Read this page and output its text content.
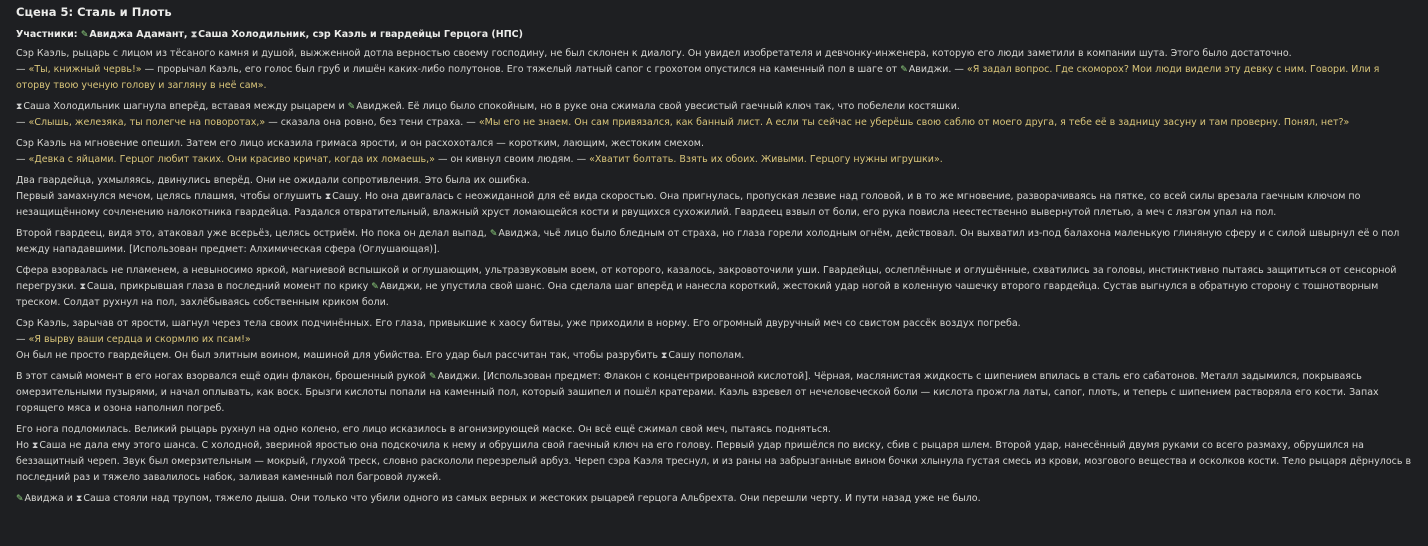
Сцена 5: Сталь и Плоть
Участники: ✎Авиджа Адамант, ⧗Саша Холодильник, сэр Каэль и гвардейцы Герцога (НПС)
Сэр Каэль, рыцарь с лицом из тёсаного камня и душой, выжженной дотла верностью своему господину, не был склонен к диалогу. Он увидел изобретателя и девчонку-инженера, которую его люди заметили в компании шута. Этого было достаточно.
— «Ты, книжный червь!» — прорычал Каэль, его голос был груб и лишён каких-либо полутонов. Его тяжелый латный сапог с грохотом опустился на каменный пол в шаге от ✎Авиджи. — «Я задал вопрос. Где скоморох? Мои люди видели эту девку с ним. Говори. Или я оторву твою ученую голову и загляну в неё сам».
⧗Саша Холодильник шагнула вперёд, вставая между рыцарем и ✎Авиджей. Её лицо было спокойным, но в руке она сжимала свой увесистый гаечный ключ так, что побелели костяшки.
— «Слышь, железяка, ты полегче на поворотах,» — сказала она ровно, без тени страха. — «Мы его не знаем. Он сам привязался, как банный лист. А если ты сейчас не уберёшь свою саблю от моего друга, я тебе её в задницу засуну и там проверну. Понял, нет?»
Сэр Каэль на мгновение опешил. Затем его лицо исказила гримаса ярости, и он расхохотался — коротким, лающим, жестоким смехом.
— «Девка с яйцами. Герцог любит таких. Они красиво кричат, когда их ломаешь,» — он кивнул своим людям. — «Хватит болтать. Взять их обоих. Живыми. Герцогу нужны игрушки».
Два гвардейца, ухмыляясь, двинулись вперёд. Они не ожидали сопротивления. Это была их ошибка.
Первый замахнулся мечом, целясь плашмя, чтобы оглушить ⧗Сашу. Но она двигалась с неожиданной для её вида скоростью. Она пригнулась, пропуская лезвие над головой, и в то же мгновение, разворачиваясь на пятке, со всей силы врезала гаечным ключом по незащищённому сочленению налокотника гвардейца. Раздался отвратительный, влажный хруст ломающейся кости и рвущихся сухожилий. Гвардеец взвыл от боли, его рука повисла неестественно вывернутой плетью, а меч с лязгом упал на пол.
Второй гвардеец, видя это, атаковал уже всерьёз, целясь остриём. Но пока он делал выпад, ✎Авиджа, чьё лицо было бледным от страха, но глаза горели холодным огнём, действовал. Он выхватил из-под балахона маленькую глиняную сферу и с силой швырнул её о пол между нападавшими. [Использован предмет: Алхимическая сфера (Оглушающая)].
Сфера взорвалась не пламенем, а невыносимо яркой, магниевой вспышкой и оглушающим, ультразвуковым воем, от которого, казалось, закровоточили уши. Гвардейцы, ослеплённые и оглушённые, схватились за головы, инстинктивно пытаясь защититься от сенсорной перегрузки. ⧗Саша, прикрывшая глаза в последний момент по крику ✎Авиджи, не упустила свой шанс. Она сделала шаг вперёд и нанесла короткий, жестокий удар ногой в коленную чашечку второго гвардейца. Сустав выгнулся в обратную сторону с тошнотворным треском. Солдат рухнул на пол, захлёбываясь собственным криком боли.
Сэр Каэль, зарычав от ярости, шагнул через тела своих подчинённых. Его глаза, привыкшие к хаосу битвы, уже приходили в норму. Его огромный двуручный меч со свистом рассёк воздух погреба.
— «Я вырву ваши сердца и скормлю их псам!»
Он был не просто гвардейцем. Он был элитным воином, машиной для убийства. Его удар был рассчитан так, чтобы разрубить ⧗Сашу пополам.
В этот самый момент в его ногах взорвался ещё один флакон, брошенный рукой ✎Авиджи. [Использован предмет: Флакон с концентрированной кислотой]. Чёрная, маслянистая жидкость с шипением впилась в сталь его сабатонов. Металл задымился, покрываясь омерзительными пузырями, и начал оплывать, как воск. Брызги кислоты попали на каменный пол, который зашипел и пошёл кратерами. Каэль взревел от нечеловеческой боли — кислота прожгла латы, сапог, плоть, и теперь с шипением растворяла его кости. Запах горящего мяса и озона наполнил погреб.
Его нога подломилась. Великий рыцарь рухнул на одно колено, его лицо исказилось в агонизирующей маске. Он всё ещё сжимал свой меч, пытаясь подняться.
Но ⧗Саша не дала ему этого шанса. С холодной, звериной яростью она подскочила к нему и обрушила свой гаечный ключ на его голову. Первый удар пришёлся по виску, сбив с рыцаря шлем. Второй удар, нанесённый двумя руками со всего размаху, обрушился на беззащитный череп. Звук был омерзительным — мокрый, глухой треск, словно раскололи перезрелый арбуз. Череп сэра Каэля треснул, и из раны на забрызганные вином бочки хлынула густая смесь из крови, мозгового вещества и осколков кости. Тело рыцаря дёрнулось в последний раз и тяжело завалилось набок, заливая каменный пол багровой лужей.
✎Авиджа и ⧗Саша стояли над трупом, тяжело дыша. Они только что убили одного из самых верных и жестоких рыцарей герцога Альбрехта. Они перешли черту. И пути назад уже не было.
